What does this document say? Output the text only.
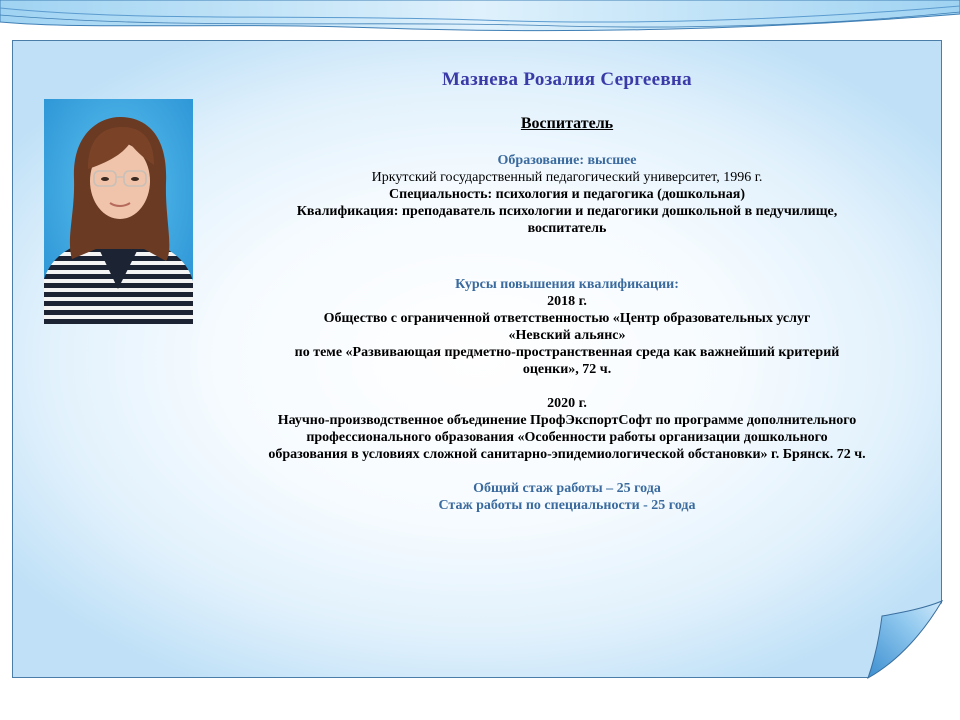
Мазнева Розалия Сергеевна
Воспитатель
Образование: высшее
Иркутский государственный педагогический университет, 1996 г.
Специальность: психология и педагогика (дошкольная)
Квалификация: преподаватель психологии и педагогики дошкольной в педучилище,
воспитатель
Курсы повышения квалификации:
2018 г.
Общество с ограниченной ответственностью «Центр образовательных услуг
«Невский альянс»
по теме «Развивающая предметно-пространственная среда как важнейший критерий
оценки», 72 ч.
2020 г.
Научно-производственное объединение ПрофЭкспортСофт по программе дополнительного
профессионального образования «Особенности работы организации дошкольного
образования в условиях сложной санитарно-эпидемиологической обстановки» г. Брянск. 72 ч.
Общий стаж работы – 25 года
Стаж работы по специальности - 25 года
